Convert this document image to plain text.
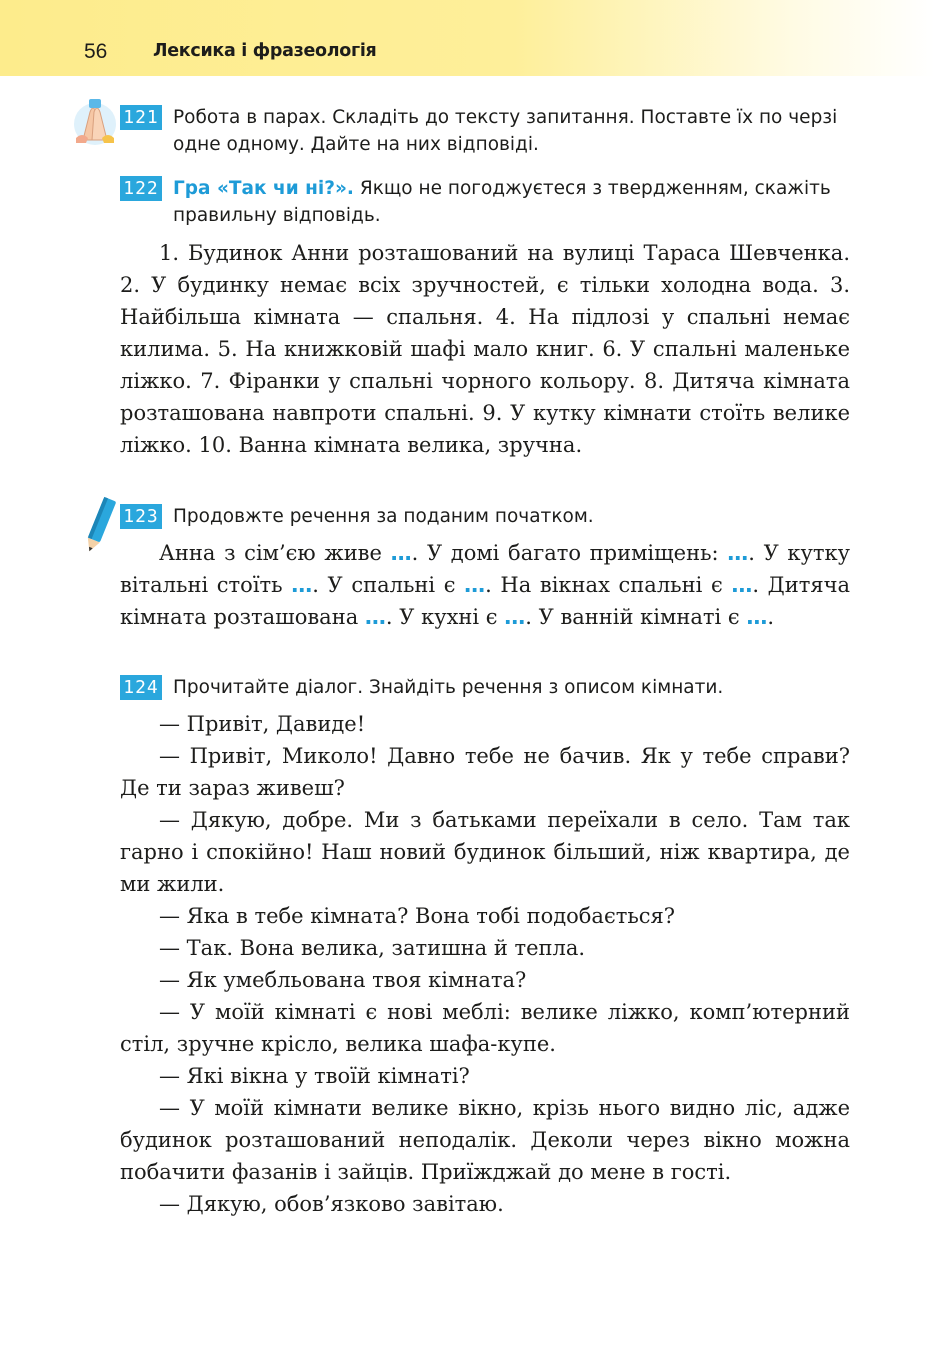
56	Лексика і фразеологія
121 Робота в парах. Складіть до тексту запитання. Поставте їх по черзі одне одному. Дайте на них відповіді.

122 Гра «Так чи ні?». Якщо не погоджуєтеся з твердженням, скажіть правильну відповідь.

1. Будинок Анни розташований на вулиці Тараса Шевченка. 2. У будинку немає всіх зручностей, є тільки холодна вода. 3. Найбільша кімната — спальня. 4. На підлозі у спальні немає килима. 5. На книжковій шафі мало книг. 6. У спальні маленьке ліжко. 7. Фіранки у спальні чорного кольору. 8. Дитяча кімната розташована навпроти спальні. 9. У кутку кімнати стоїть велике ліжко. 10. Ванна кімната велика, зручна.

123 Продовжте речення за поданим початком.

Анна з сім’єю живе …. У домі багато приміщень: …. У кутку вітальні стоїть …. У спальні є …. На вікнах спальні є …. Дитяча кімната розташована …. У кухні є …. У ванній кімнаті є ….

124 Прочитайте діалог. Знайдіть речення з описом кімнати.

— Привіт, Давиде!

— Привіт, Миколо! Давно тебе не бачив. Як у тебе справи? Де ти зараз живеш?

— Дякую, добре. Ми з батьками переїхали в село. Там так гарно і спокійно! Наш новий будинок більший, ніж квартира, де ми жили.

— Яка в тебе кімната? Вона тобі подобається?

— Так. Вона велика, затишна й тепла.

— Як умебльована твоя кімната?

— У моїй кімнаті є нові меблі: велике ліжко, комп’ютерний стіл, зручне крісло, велика шафа-купе.

— Які вікна у твоїй кімнаті?

— У моїй кімнати велике вікно, крізь нього видно ліс, адже будинок розташований неподалік. Деколи через вікно можна побачити фазанів і зайців. Приїжджай до мене в гості.

— Дякую, обов’язково завітаю.
